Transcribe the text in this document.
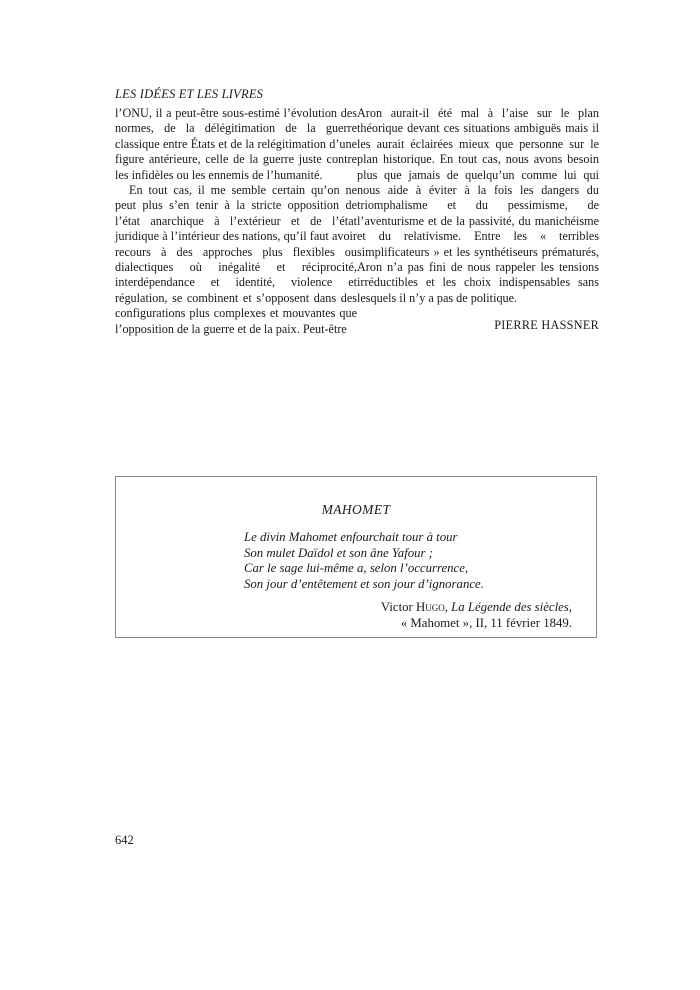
LES IDÉES ET LES LIVRES

l’ONU, il a peut-être sous-estimé l’évolution des normes, de la délégitimation de la guerre classique entre États et de la relégitimation d’une figure antérieure, celle de la guerre juste contre les infidèles ou les ennemis de l’humanité.

En tout cas, il me semble certain qu’on ne peut plus s’en tenir à la stricte opposition de l’état anarchique à l’extérieur et de l’état juridique à l’intérieur des nations, qu’il faut avoir recours à des approches plus flexibles ou dialectiques où inégalité et réciprocité, interdépendance et identité, violence et régulation, se combinent et s’opposent dans des configurations plus complexes et mouvantes que l’opposition de la guerre et de la paix. Peut-être

Aron aurait-il été mal à l’aise sur le plan théorique devant ces situations ambiguës mais il les aurait éclairées mieux que personne sur le plan historique. En tout cas, nous avons besoin plus que jamais de quelqu’un comme lui qui nous aide à éviter à la fois les dangers du triomphalisme et du pessimisme, de l’aventurisme et de la passivité, du manichéisme et du relativisme. Entre les « terribles simplificateurs » et les synthétiseurs prématurés, Aron n’a pas fini de nous rappeler les tensions irréductibles et les choix indispensables sans lesquels il n’y a pas de politique.

PIERRE HASSNER

MAHOMET
Le divin Mahomet enfourchait tour à tour
Son mulet Daïdol et son âne Yafour ;
Car le sage lui-même a, selon l’occurrence,
Son jour d’entêtement et son jour d’ignorance.
Victor Hugo, La Légende des siècles,
« Mahomet », II, 11 février 1849.
642
